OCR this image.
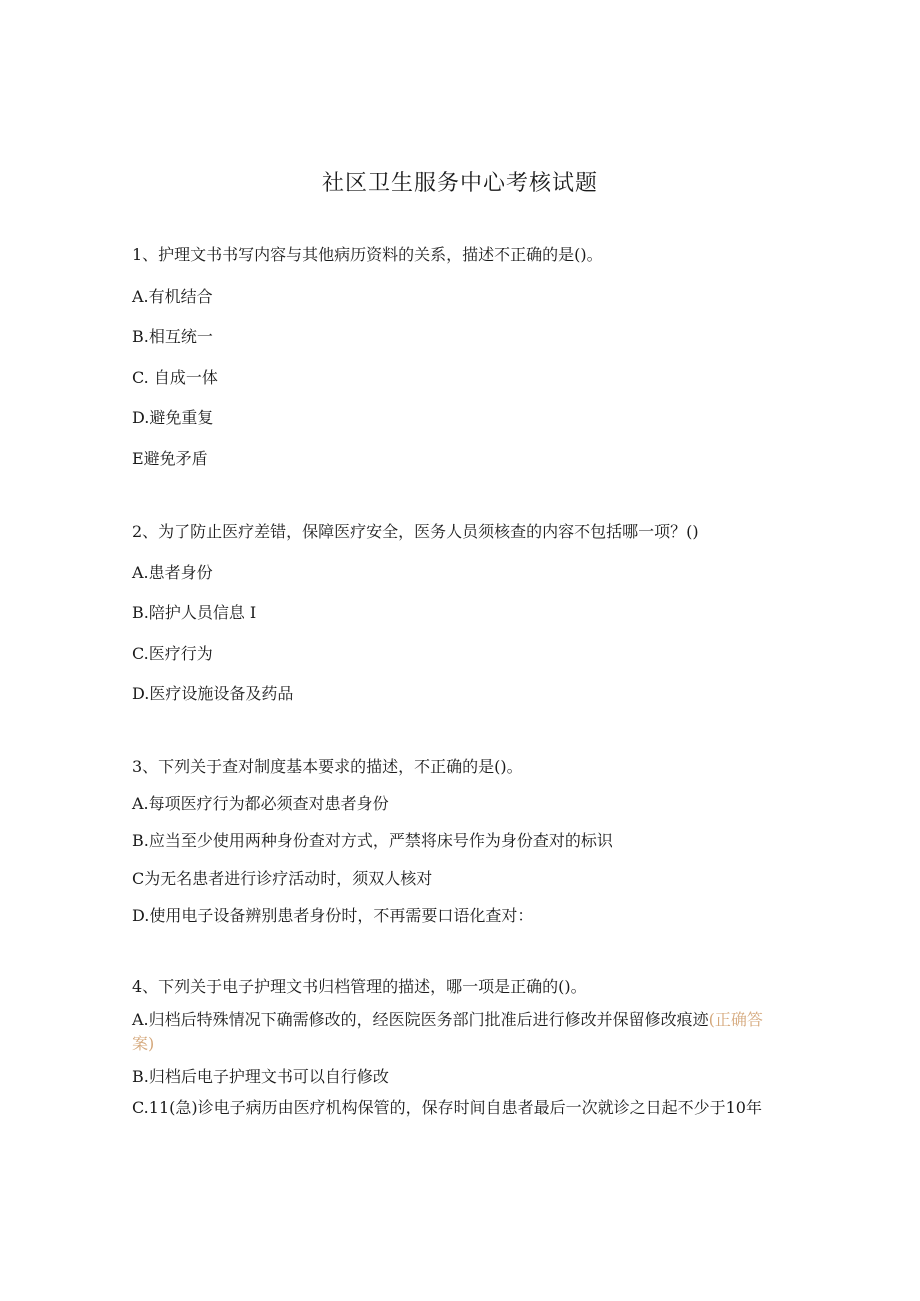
社区卫生服务中心考核试题
1、护理文书书写内容与其他病历资料的关系，描述不正确的是()。
A.有机结合
B.相互统一
C. 自成一体
D.避免重复
E避免矛盾
2、为了防止医疗差错，保障医疗安全，医务人员须核查的内容不包括哪一项？()
A.患者身份
B.陪护人员信息 I
C.医疗行为
D.医疗设施设备及药品
3、下列关于查对制度基本要求的描述，不正确的是()。
A.每项医疗行为都必须查对患者身份
B.应当至少使用两种身份查对方式，严禁将床号作为身份查对的标识
C为无名患者进行诊疗活动时，须双人核对
D.使用电子设备辨别患者身份时，不再需要口语化查对：
4、下列关于电子护理文书归档管理的描述，哪一项是正确的()。
A.归档后特殊情况下确需修改的，经医院医务部门批准后进行修改并保留修改痕迹(正确答案)
B.归档后电子护理文书可以自行修改
C.11(急)诊电子病历由医疗机构保管的，保存时间自患者最后一次就诊之日起不少于10年
